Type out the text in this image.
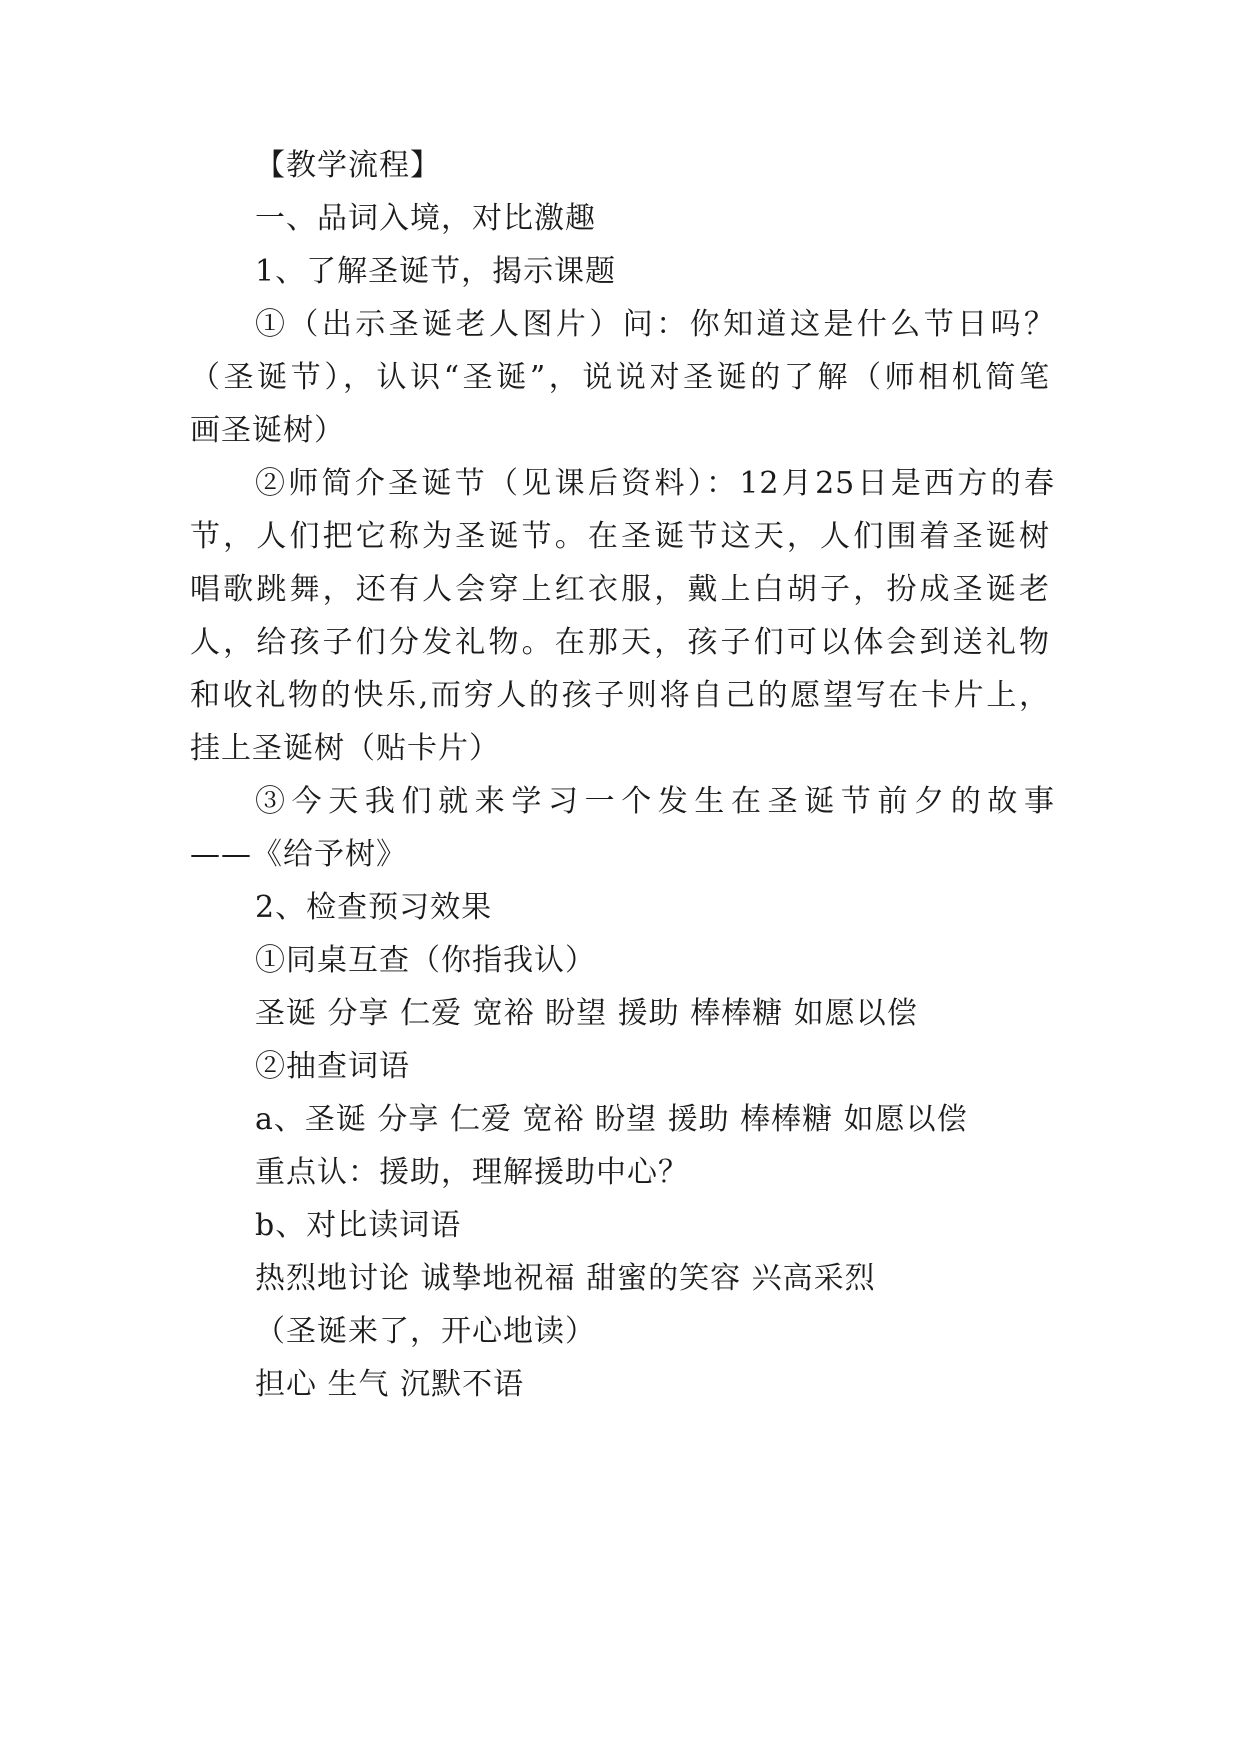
【教学流程】
一、品词入境，对比激趣
1、了解圣诞节，揭示课题
①（出示圣诞老人图片）问：你知道这是什么节日吗？
（圣诞节），认识“圣诞”，说说对圣诞的了解（师相机简笔
画圣诞树）
②师简介圣诞节（见课后资料）：12月25日是西方的春
节，人们把它称为圣诞节。在圣诞节这天，人们围着圣诞树
唱歌跳舞，还有人会穿上红衣服，戴上白胡子，扮成圣诞老
人，给孩子们分发礼物。在那天，孩子们可以体会到送礼物
和收礼物的快乐,而穷人的孩子则将自己的愿望写在卡片上，
挂上圣诞树（贴卡片）
③今天我们就来学习一个发生在圣诞节前夕的故事
——《给予树》
2、检查预习效果
①同桌互查（你指我认）
圣诞 分享 仁爱 宽裕 盼望 援助 棒棒糖 如愿以偿
②抽查词语
a、圣诞 分享 仁爱 宽裕 盼望 援助 棒棒糖 如愿以偿
重点认：援助，理解援助中心？
b、对比读词语
热烈地讨论 诚挚地祝福 甜蜜的笑容 兴高采烈
（圣诞来了，开心地读）
担心 生气 沉默不语
